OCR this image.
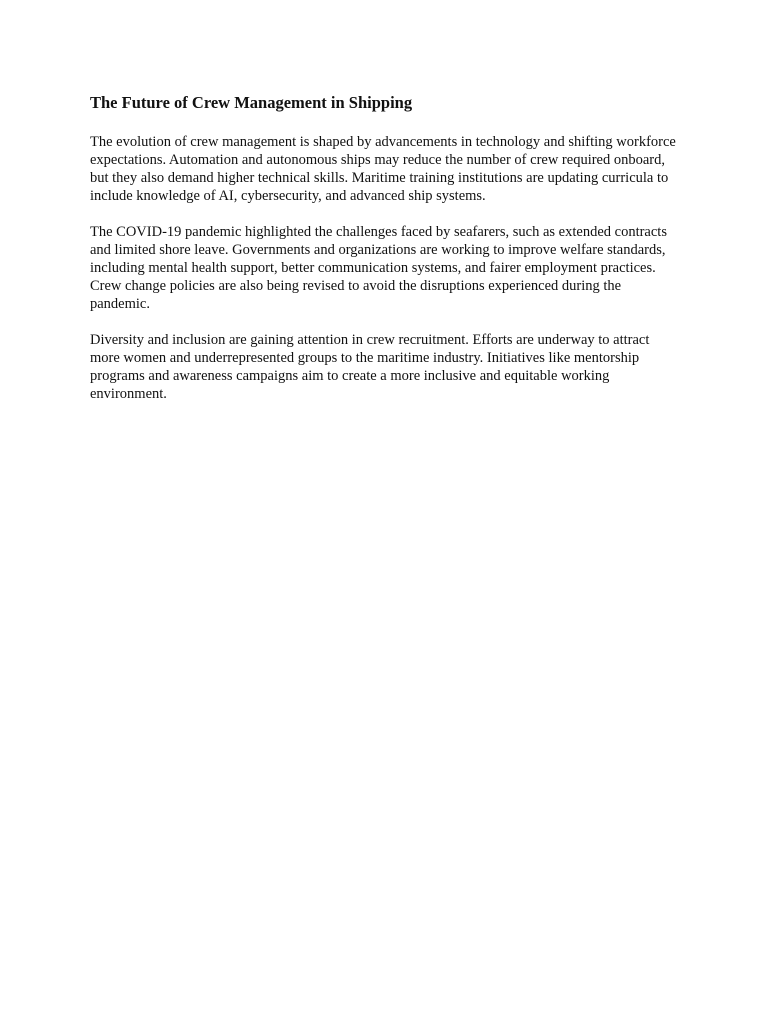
The Future of Crew Management in Shipping

The evolution of crew management is shaped by advancements in technology and shifting workforce expectations. Automation and autonomous ships may reduce the number of crew required onboard, but they also demand higher technical skills. Maritime training institutions are updating curricula to include knowledge of AI, cybersecurity, and advanced ship systems.

The COVID-19 pandemic highlighted the challenges faced by seafarers, such as extended contracts and limited shore leave. Governments and organizations are working to improve welfare standards, including mental health support, better communication systems, and fairer employment practices. Crew change policies are also being revised to avoid the disruptions experienced during the pandemic.

Diversity and inclusion are gaining attention in crew recruitment. Efforts are underway to attract more women and underrepresented groups to the maritime industry. Initiatives like mentorship programs and awareness campaigns aim to create a more inclusive and equitable working environment.
